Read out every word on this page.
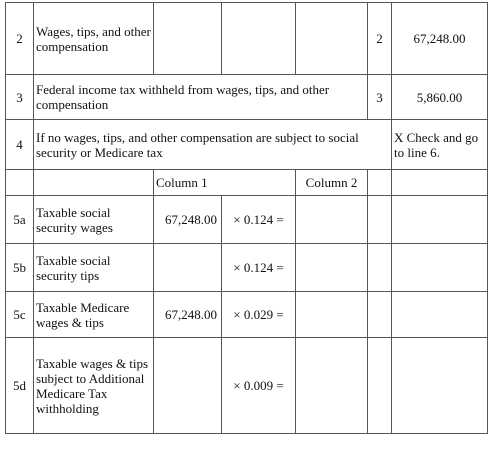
2	Wages, tips, and other compensation				2	67,248.00
3	Federal income tax withheld from wages, tips, and other compensation				3	5,860.00
4	If no wages, tips, and other compensation are subject to social security or Medicare tax					X Check and go to line 6.
		Column 1		Column 2		
5a	Taxable social security wages	67,248.00	× 0.124 =			
5b	Taxable social security tips		× 0.124 =			
5c	Taxable Medicare wages & tips	67,248.00	× 0.029 =			
5d	Taxable wages & tips subject to Additional Medicare Tax withholding		× 0.009 =			
